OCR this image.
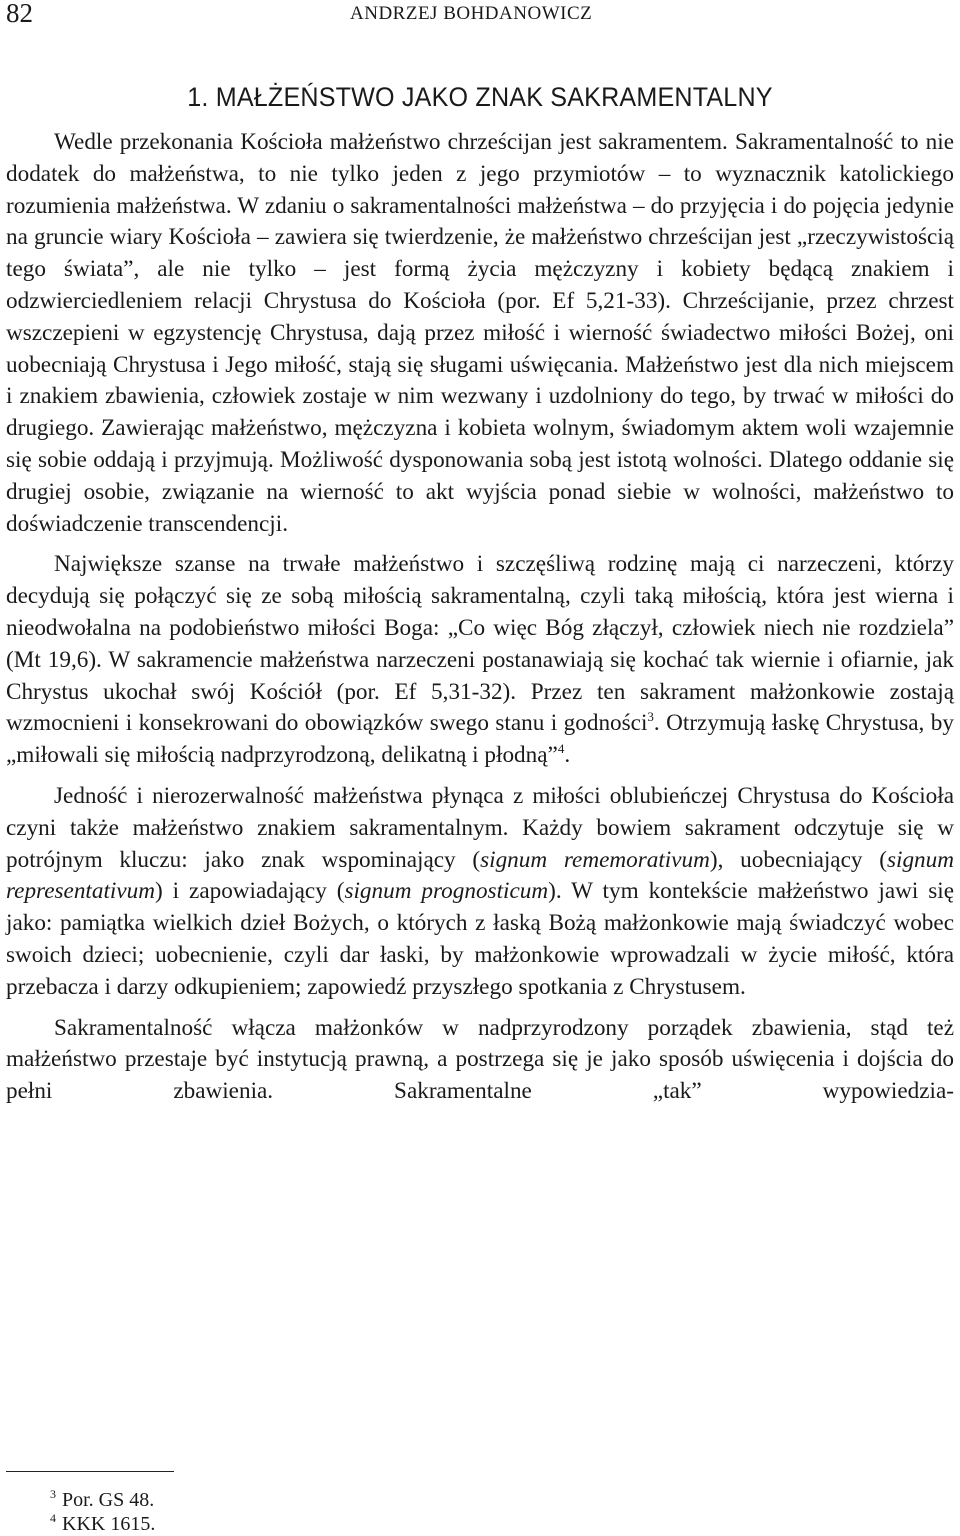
82	ANDRZEJ BOHDANOWICZ
1. MAŁŻEŃSTWO JAKO ZNAK SAKRAMENTALNY

Wedle przekonania Kościoła małżeństwo chrześcijan jest sakramentem. Sakramentalność to nie dodatek do małżeństwa, to nie tylko jeden z jego przymiotów – to wyznacznik katolickiego rozumienia małżeństwa. W zdaniu o sakramentalności małżeństwa – do przyjęcia i do pojęcia jedynie na gruncie wiary Kościoła – zawiera się twierdzenie, że małżeństwo chrześcijan jest „rzeczywistością tego świata”, ale nie tylko – jest formą życia mężczyzny i kobiety będącą znakiem i odzwierciedleniem relacji Chrystusa do Kościoła (por. Ef 5,21-33). Chrześcijanie, przez chrzest wszczepieni w egzystencję Chrystusa, dają przez miłość i wierność świadectwo miłości Bożej, oni uobecniają Chrystusa i Jego miłość, stają się sługami uświęcania. Małżeństwo jest dla nich miejscem i znakiem zbawienia, człowiek zostaje w nim wezwany i uzdolniony do tego, by trwać w miłości do drugiego. Zawierając małżeństwo, mężczyzna i kobieta wolnym, świadomym aktem woli wzajemnie się sobie oddają i przyjmują. Możliwość dysponowania sobą jest istotą wolności. Dlatego oddanie się drugiej osobie, związanie na wierność to akt wyjścia ponad siebie w wolności, małżeństwo to doświadczenie transcendencji.

Największe szanse na trwałe małżeństwo i szczęśliwą rodzinę mają ci narzeczeni, którzy decydują się połączyć się ze sobą miłością sakramentalną, czyli taką miłością, która jest wierna i nieodwołalna na podobieństwo miłości Boga: „Co więc Bóg złączył, człowiek niech nie rozdziela” (Mt 19,6). W sakramencie małżeństwa narzeczeni postanawiają się kochać tak wiernie i ofiarnie, jak Chrystus ukochał swój Kościół (por. Ef 5,31-32). Przez ten sakrament małżonkowie zostają wzmocnieni i konsekrowani do obowiązków swego stanu i godności$^3$. Otrzymują łaskę Chrystusa, by „miłowali się miłością nadprzyrodzoną, delikatną i płodną”$^4$.

Jedność i nierozerwalność małżeństwa płynąca z miłości oblubieńczej Chrystusa do Kościoła czyni także małżeństwo znakiem sakramentalnym. Każdy bowiem sakrament odczytuje się w potrójnym kluczu: jako znak wspominający (signum rememorativum), uobecniający (signum representativum) i zapowiadający (signum prognosticum). W tym kontekście małżeństwo jawi się jako: pamiątka wielkich dzieł Bożych, o których z łaską Bożą małżonkowie mają świadczyć wobec swoich dzieci; uobecnienie, czyli dar łaski, by małżonkowie wprowadzali w życie miłość, która przebacza i darzy odkupieniem; zapowiedź przyszłego spotkania z Chrystusem.

Sakramentalność włącza małżonków w nadprzyrodzony porządek zbawienia, stąd też małżeństwo przestaje być instytucją prawną, a postrzega się je jako sposób uświęcenia i dojścia do pełni zbawienia. Sakramentalne „tak” wypowiedzia-

$^3$ Por. GS 48.

$^4$ KKK 1615.
